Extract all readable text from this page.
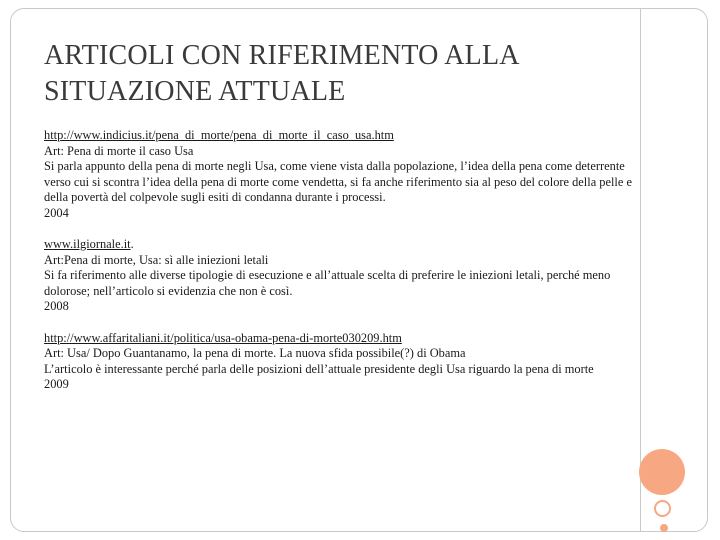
ARTICOLI CON RIFERIMENTO ALLA
SITUAZIONE ATTUALE
http://www.indicius.it/pena_di_morte/pena_di_morte_il_caso_usa.htm
Art: Pena di morte il caso Usa
Si parla appunto della pena di morte negli Usa, come viene vista dalla popolazione, l’idea della pena come deterrente verso cui si scontra l’idea della pena di morte come vendetta, si fa anche riferimento sia al peso del colore della pelle e della povertà del colpevole sugli esiti di condanna durante i processi.
2004
www.ilgiornale.it.
Art:Pena di morte, Usa: sì alle iniezioni letali
Si fa riferimento alle diverse tipologie di esecuzione e all’attuale scelta di preferire le iniezioni letali, perché meno dolorose; nell’articolo si evidenzia che non è così.
2008
http://www.affaritaliani.it/politica/usa-obama-pena-di-morte030209.htm
Art: Usa/ Dopo Guantanamo, la pena di morte. La nuova sfida possibile(?) di Obama
L’articolo è interessante perché parla delle posizioni dell’attuale presidente degli Usa riguardo la pena di morte
2009
